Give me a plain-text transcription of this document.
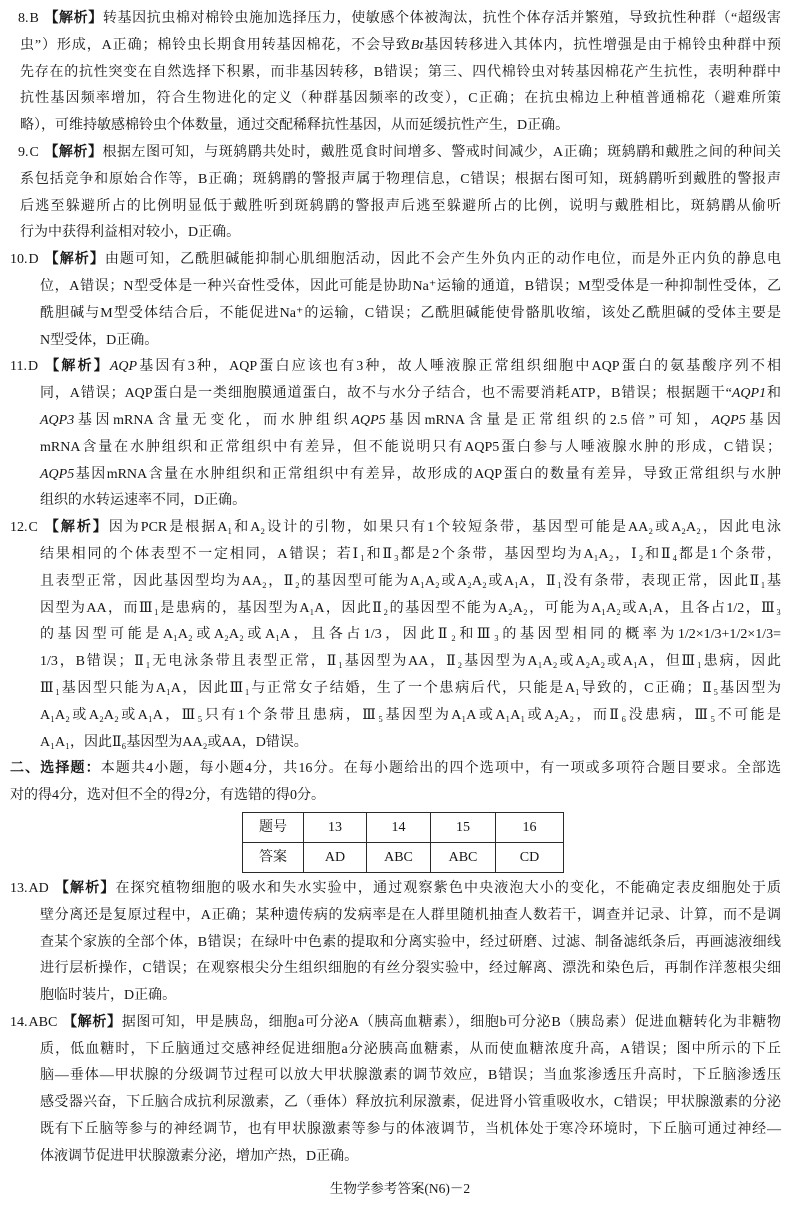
8.B 【解析】转基因抗虫棉对棉铃虫施加选择压力，使敏感个体被淘汰，抗性个体存活并繁殖，导致抗性种群（“超级害
虫”）形成，A正确；棉铃虫长期食用转基因棉花，不会导致Bt基因转移进入其体内，抗性增强是由于棉铃虫种群中预
先存在的抗性突变在自然选择下积累，而非基因转移，B错误；第三、四代棉铃虫对转基因棉花产生抗性，表明种群中
抗性基因频率增加，符合生物进化的定义（种群基因频率的改变），C正确；在抗虫棉边上种植普通棉花（避难所策
略），可维持敏感棉铃虫个体数量，通过交配稀释抗性基因，从而延缓抗性产生，D正确。
9.C 【解析】根据左图可知，与斑鸫鹛共处时，戴胜觅食时间增多、警戒时间减少，A正确；斑鸫鹛和戴胜之间的种间关
系包括竞争和原始合作等，B正确；斑鸫鹛的警报声属于物理信息，C错误；根据右图可知，斑鸫鹛听到戴胜的警报声
后逃至躲避所占的比例明显低于戴胜听到斑鸫鹛的警报声后逃至躲避所占的比例，说明与戴胜相比，斑鸫鹛从偷听
行为中获得利益相对较小，D正确。
10.D 【解析】由题可知，乙酰胆碱能抑制心肌细胞活动，因此不会产生外负内正的动作电位，而是外正内负的静息电
位，A错误；N型受体是一种兴奋性受体，因此可能是协助Na⁺运输的通道，B错误；M型受体是一种抑制性受体，乙
酰胆碱与M型受体结合后，不能促进Na⁺的运输，C错误；乙酰胆碱能使骨骼肌收缩，该处乙酰胆碱的受体主要是
N型受体，D正确。
11.D 【解析】AQP基因有3种，AQP蛋白应该也有3种，故人唾液腺正常组织细胞中AQP蛋白的氨基酸序列不相
同，A错误；AQP蛋白是一类细胞膜通道蛋白，故不与水分子结合，也不需要消耗ATP，B错误；根据题干“AQP1和
AQP3基因mRNA含量无变化，而水肿组织AQP5基因mRNA含量是正常组织的2.5倍”可知，AQP5基因
mRNA含量在水肿组织和正常组织中有差异，但不能说明只有AQP5蛋白参与人唾液腺水肿的形成，C错误；
AQP5基因mRNA含量在水肿组织和正常组织中有差异，故形成的AQP蛋白的数量有差异，导致正常组织与水肿
组织的水转运速率不同，D正确。
12.C 【解析】因为PCR是根据A₁和A₂设计的引物，如果只有1个较短条带，基因型可能是AA₂或A₂A₂，因此电泳
结果相同的个体表型不一定相同，A错误；若Ⅰ₁和Ⅱ₃都是2个条带，基因型均为A₁A₂，Ⅰ₂和Ⅱ₄都是1个条带，
且表型正常，因此基因型均为AA₂，Ⅱ₂的基因型可能为A₁A₂或A₂A₂或A₁A，Ⅱ₁没有条带，表现正常，因此Ⅱ₁基
因型为AA，而Ⅲ₁是患病的，基因型为A₁A，因此Ⅱ₂的基因型不能为A₂A₂，可能为A₁A₂或A₁A，且各占1/2，Ⅲ₃
的基因型可能是A₁A₂或A₂A₂或A₁A，且各占1/3，因此Ⅱ₂和Ⅲ₃的基因型相同的概率为1/2×1/3+1/2×1/3=
1/3，B错误；Ⅱ₁无电泳条带且表型正常，Ⅱ₁基因型为AA，Ⅱ₂基因型为A₁A₂或A₂A₂或A₁A，但Ⅲ₁患病，因此
Ⅲ₁基因型只能为A₁A，因此Ⅲ₁与正常女子结婚，生了一个患病后代，只能是A₁导致的，C正确；Ⅱ₅基因型为
A₁A₂或A₂A₂或A₁A，Ⅲ₅只有1个条带且患病，Ⅲ₅基因型为A₁A或A₁A₁或A₂A₂，而Ⅱ₆没患病，Ⅲ₅不可能是
A₁A₁，因此Ⅱ₆基因型为AA₂或AA，D错误。
二、选择题：本题共4小题，每小题4分，共16分。在每小题给出的四个选项中，有一项或多项符合题目要求。全部选
对的得4分，选对但不全的得2分，有选错的得0分。
题号	13	14	15	16
答案	AD	ABC	ABC	CD
13.AD 【解析】在探究植物细胞的吸水和失水实验中，通过观察紫色中央液泡大小的变化，不能确定表皮细胞处于质
壁分离还是复原过程中，A正确；某种遗传病的发病率是在人群里随机抽查人数若干，调查并记录、计算，而不是调
查某个家族的全部个体，B错误；在绿叶中色素的提取和分离实验中，经过研磨、过滤、制备滤纸条后，再画滤液细线
进行层析操作，C错误；在观察根尖分生组织细胞的有丝分裂实验中，经过解离、漂洗和染色后，再制作洋葱根尖细
胞临时装片，D正确。
14.ABC 【解析】据图可知，甲是胰岛，细胞a可分泌A（胰高血糖素），细胞b可分泌B（胰岛素）促进血糖转化为非糖物
质，低血糖时，下丘脑通过交感神经促进细胞a分泌胰高血糖素，从而使血糖浓度升高，A错误；图中所示的下丘
脑—垂体—甲状腺的分级调节过程可以放大甲状腺激素的调节效应，B错误；当血浆渗透压升高时，下丘脑渗透压
感受器兴奋，下丘脑合成抗利尿激素，乙（垂体）释放抗利尿激素，促进肾小管重吸收水，C错误；甲状腺激素的分泌
既有下丘脑等参与的神经调节，也有甲状腺激素等参与的体液调节，当机体处于寒冷环境时，下丘脑可通过神经—
体液调节促进甲状腺激素分泌，增加产热，D正确。
生物学参考答案(N6)－2
